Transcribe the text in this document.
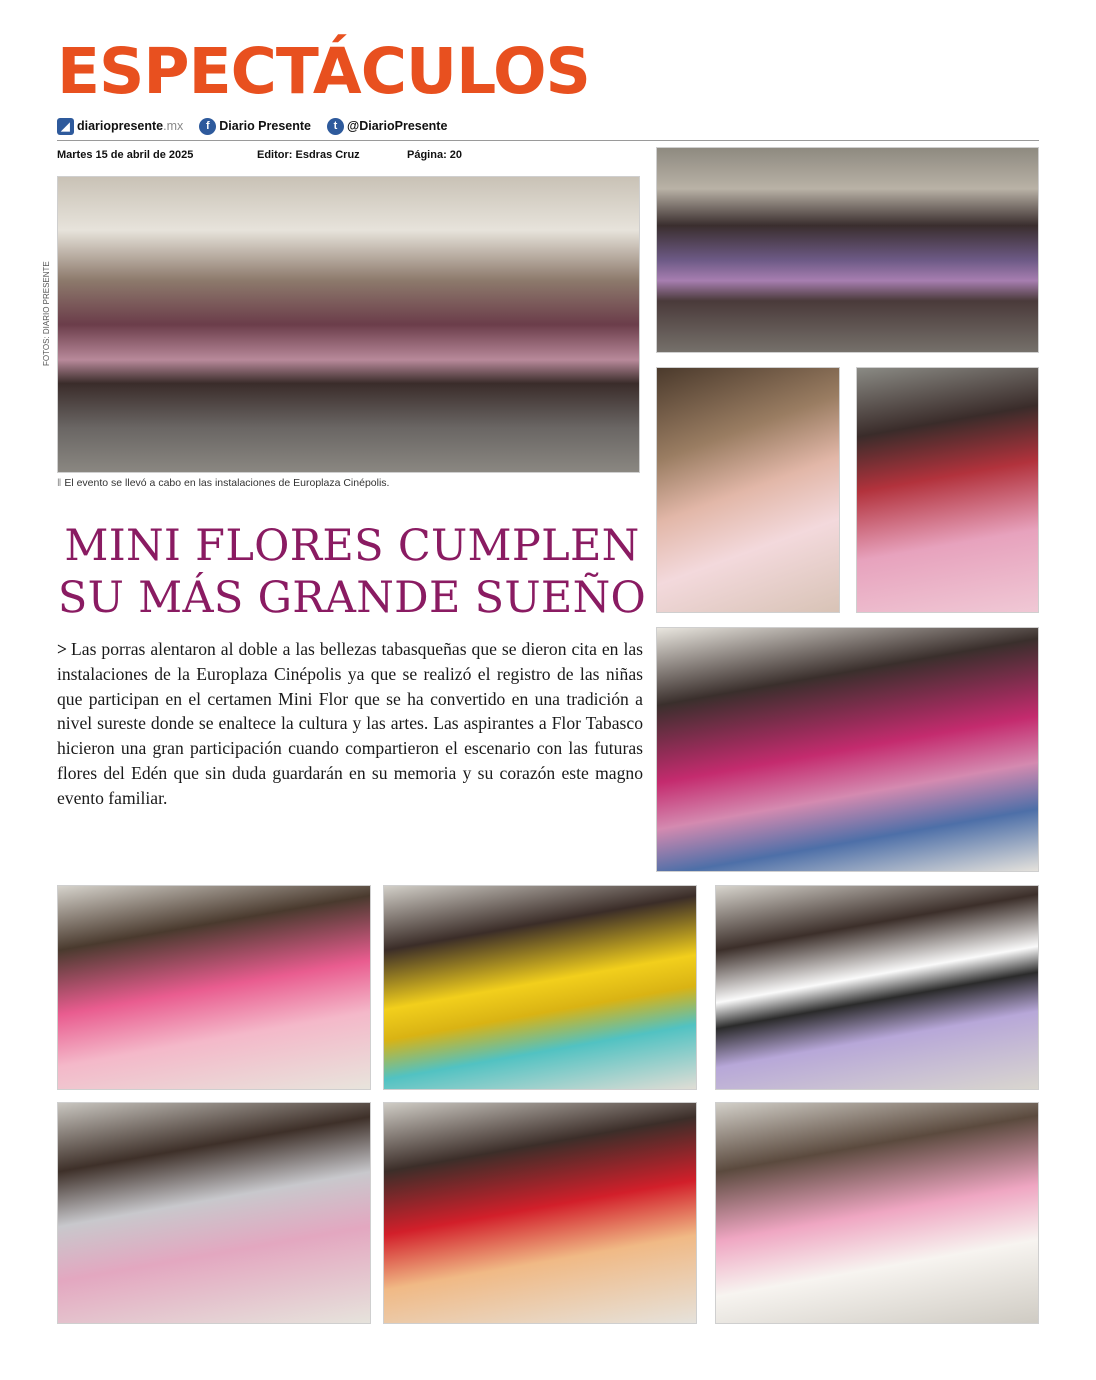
ESPECTÁCULOS
◢ diariopresente .mx	f Diario Presente	t @DiarioPresente
Martes 15 de abril de 2025	Editor: Esdras Cruz	Página: 20
FOTOS: DIARIO PRESENTE
‖ El evento se llevó a cabo en las instalaciones de Europlaza Cinépolis.
MINI FLORES CUMPLEN
SU MÁS GRANDE SUEÑO
> Las porras alentaron al doble a las bellezas tabasqueñas que se dieron cita en las instalaciones de la Europlaza Cinépolis ya que se realizó el registro de las niñas que participan en el certamen Mini Flor que se ha convertido en una tradición a nivel sureste donde se enaltece la cultura y las artes. Las aspirantes a Flor Tabasco hicieron una gran participación cuando compartieron el escenario con las futuras flores del Edén que sin duda guardarán en su memoria y su corazón este magno evento familiar.
